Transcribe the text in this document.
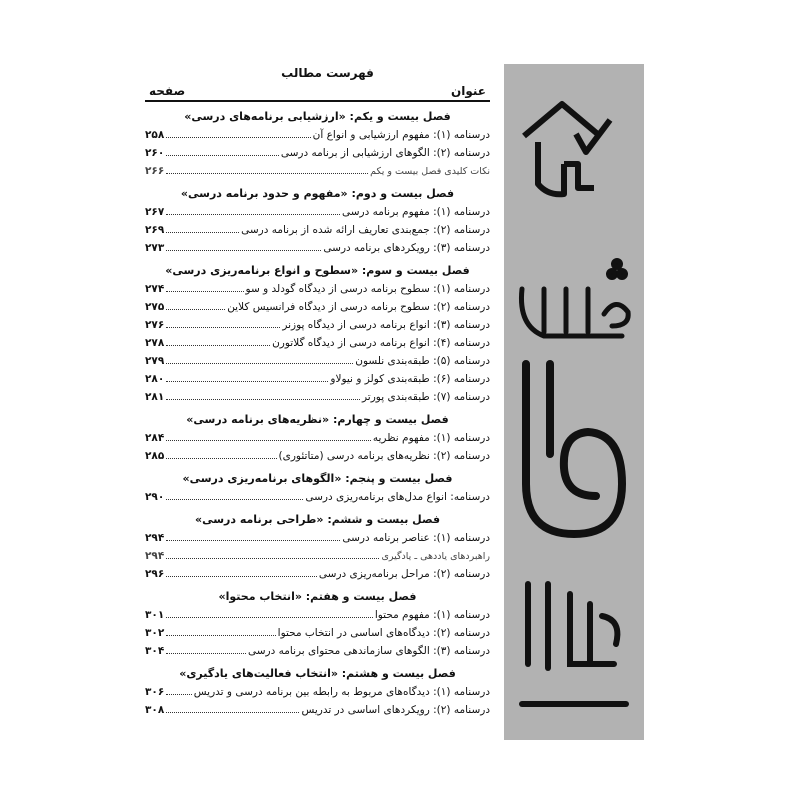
فهرست مطالب
عنوان
صفحه
فصل بیست و یکم: «ارزشیابی برنامه‌های درسی»
درسنامه (۱): مفهوم ارزشیابی و انواع آن
۲۵۸
درسنامه (۲): الگوهای ارزشیابی از برنامه درسی
۲۶۰
نکات کلیدی فصل بیست و یکم
۲۶۶
فصل بیست و دوم: «مفهوم و حدود برنامه درسی»
درسنامه (۱): مفهوم برنامه درسی
۲۶۷
درسنامه (۲): جمع‌بندی تعاریف ارائه شده از برنامه درسی
۲۶۹
درسنامه (۳): رویکردهای برنامه درسی
۲۷۳
فصل بیست و سوم: «سطوح و انواع برنامه‌ریزی درسی»
درسنامه (۱): سطوح برنامه درسی از دیدگاه گودلد و سو
۲۷۴
درسنامه (۲): سطوح برنامه درسی از دیدگاه فرانسیس کلاین
۲۷۵
درسنامه (۳): انواع برنامه درسی از دیدگاه پوزنر
۲۷۶
درسنامه (۴): انواع برنامه درسی از دیدگاه گلاتورن
۲۷۸
درسنامه (۵): طبقه‌بندی نلسون
۲۷۹
درسنامه (۶): طبقه‌بندی کولز و نیولاو
۲۸۰
درسنامه (۷): طبقه‌بندی پورتر
۲۸۱
فصل بیست و چهارم: «نظریه‌های برنامه درسی»
درسنامه (۱): مفهوم نظریه
۲۸۴
درسنامه (۲): نظریه‌های برنامه درسی (متاتئوری)
۲۸۵
فصل بیست و پنجم: «الگوهای برنامه‌ریزی درسی»
درسنامه: انواع مدل‌های برنامه‌ریزی درسی
۲۹۰
فصل بیست و ششم: «طراحی برنامه درسی»
درسنامه (۱): عناصر برنامه درسی
۲۹۴
راهبردهای یاددهی ـ یادگیری
۲۹۴
درسنامه (۲): مراحل برنامه‌ریزی درسی
۲۹۶
فصل بیست و هفتم: «انتخاب محتوا»
درسنامه (۱): مفهوم محتوا
۳۰۱
درسنامه (۲): دیدگاه‌های اساسی در انتخاب محتوا
۳۰۲
درسنامه (۳): الگوهای سازماندهی محتوای برنامه درسی
۳۰۴
فصل بیست و هشتم: «انتخاب فعالیت‌های یادگیری»
درسنامه (۱): دیدگاه‌های مربوط به رابطه بین برنامه درسی و تدریس
۳۰۶
درسنامه (۲): رویکردهای اساسی در تدریس
۳۰۸
